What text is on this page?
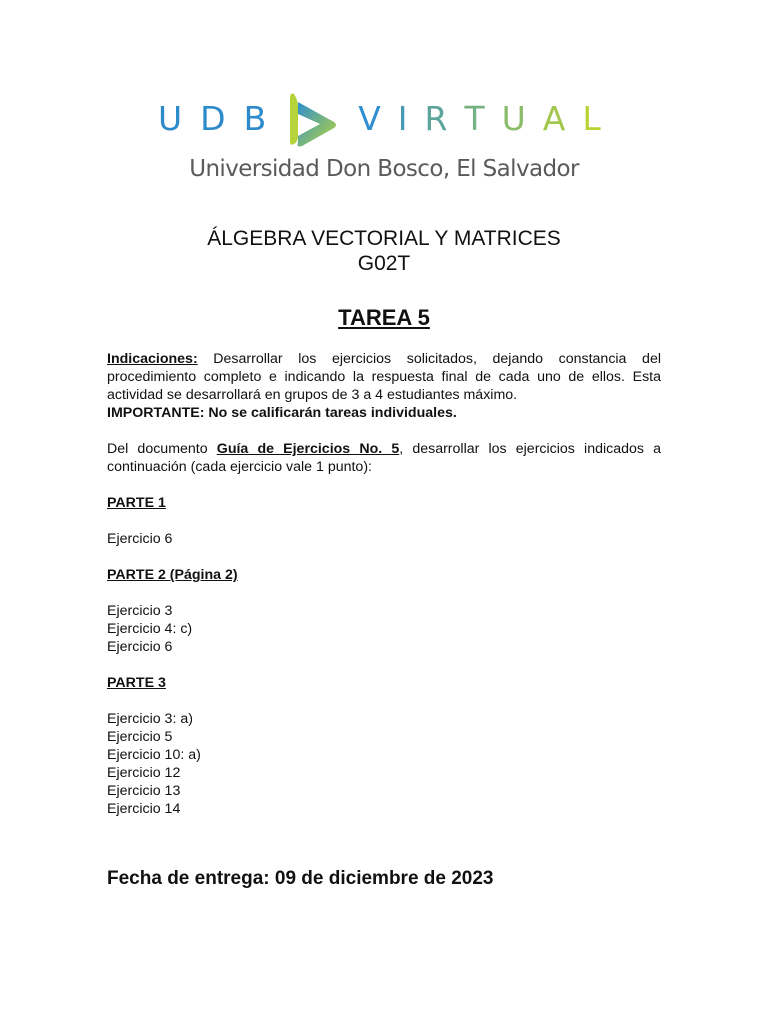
U D B	V I R T U A L
Universidad Don Bosco, El Salvador
ÁLGEBRA VECTORIAL Y MATRICES
G02T
TAREA 5

Indicaciones: Desarrollar los ejercicios solicitados, dejando constancia del procedimiento completo e indicando la respuesta final de cada uno de ellos. Esta actividad se desarrollará en grupos de 3 a 4 estudiantes máximo.

IMPORTANTE: No se calificarán tareas individuales.

Del documento Guía de Ejercicios No. 5, desarrollar los ejercicios indicados a continuación (cada ejercicio vale 1 punto):

PARTE 1
Ejercicio 6
PARTE 2 (Página 2)
Ejercicio 3
Ejercicio 4: c)
Ejercicio 6
PARTE 3
Ejercicio 3: a)
Ejercicio 5
Ejercicio 10: a)
Ejercicio 12
Ejercicio 13
Ejercicio 14
Fecha de entrega: 09 de diciembre de 2023
